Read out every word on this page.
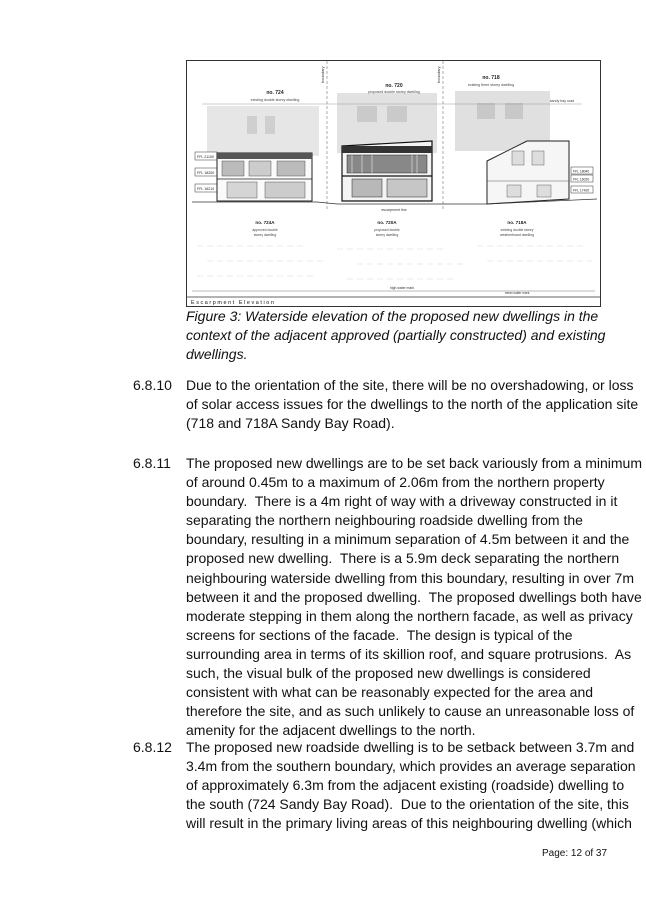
boundary	boundary
no. 724
existing double storey dwelling
no. 720
proposed double storey dwelling
no. 718
existing three storey dwelling
sandy bay road
FFL 21100
FFL 18200
FFL 16210
FFL 18040
FFL 16020
FFL 17420
escarpment line
no. 724A
approved double
storey dwelling
no. 720A
proposed double
storey dwelling
no. 718A
existing double storey
weatherboard dwelling
high water mark
mean water mark
Escarpment Elevation

Figure 3: Waterside elevation of the proposed new dwellings in the context of the adjacent approved (partially constructed) and existing dwellings.

6.8.10 Due to the orientation of the site, there will be no overshadowing, or loss
of solar access issues for the dwellings to the north of the application site
(718 and 718A Sandy Bay Road).
6.8.11 The proposed new dwellings are to be set back variously from a minimum
of around 0.45m to a maximum of 2.06m from the northern property
boundary.  There is a 4m right of way with a driveway constructed in it
separating the northern neighbouring roadside dwelling from the
boundary, resulting in a minimum separation of 4.5m between it and the
proposed new dwelling.  There is a 5.9m deck separating the northern
neighbouring waterside dwelling from this boundary, resulting in over 7m
between it and the proposed dwelling.  The proposed dwellings both have
moderate stepping in them along the northern facade, as well as privacy
screens for sections of the facade.  The design is typical of the
surrounding area in terms of its skillion roof, and square protrusions.  As
such, the visual bulk of the proposed new dwellings is considered
consistent with what can be reasonably expected for the area and
therefore the site, and as such unlikely to cause an unreasonable loss of
amenity for the adjacent dwellings to the north.
6.8.12 The proposed new roadside dwelling is to be setback between 3.7m and
3.4m from the southern boundary, which provides an average separation
of approximately 6.3m from the adjacent existing (roadside) dwelling to
the south (724 Sandy Bay Road).  Due to the orientation of the site, this
will result in the primary living areas of this neighbouring dwelling (which
Page: 12 of 37
